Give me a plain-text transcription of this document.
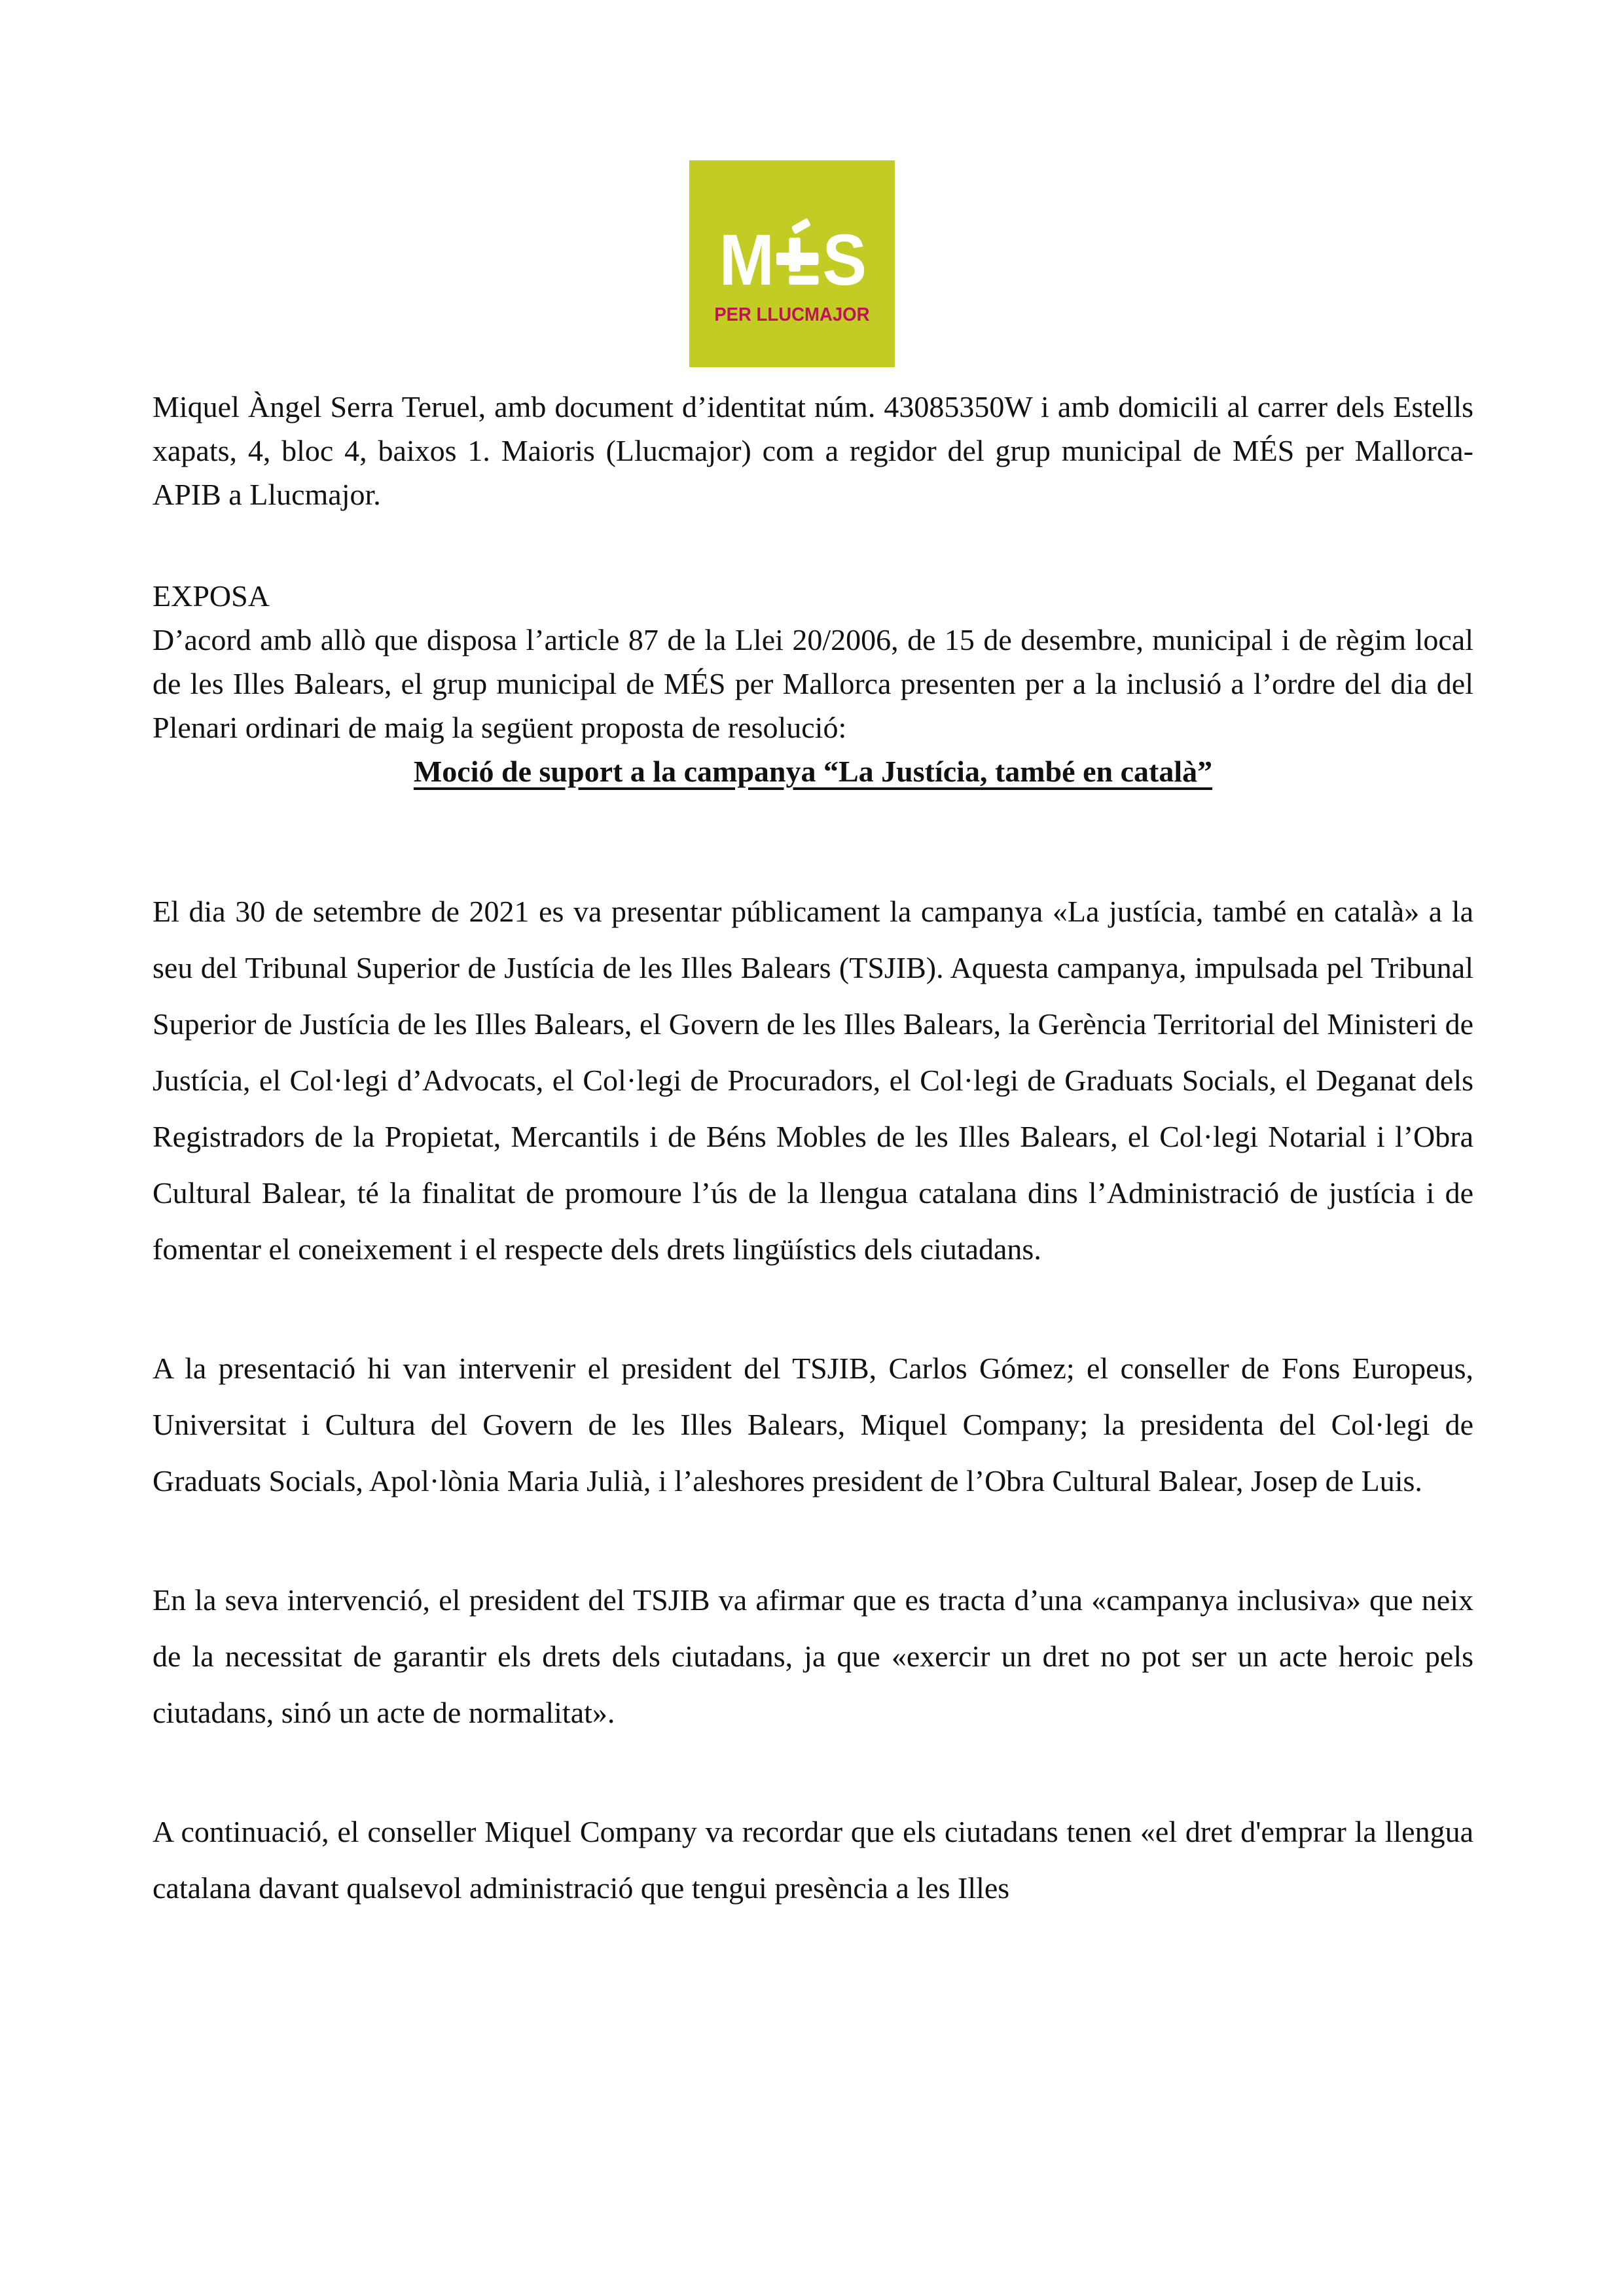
M S
PER LLUCMAJOR

Miquel Àngel Serra Teruel, amb document d’identitat núm. 43085350W i amb domicili al carrer dels Estells xapats, 4, bloc 4, baixos 1. Maioris (Llucmajor) com a regidor del grup municipal de MÉS per Mallorca-APIB a Llucmajor.

EXPOSA

D’acord amb allò que disposa l’article 87 de la Llei 20/2006, de 15 de desembre, municipal i de règim local de les Illes Balears, el grup municipal de MÉS per Mallorca presenten per a la inclusió a l’ordre del dia del Plenari ordinari de maig la següent proposta de resolució:

Moció de suport a la campanya “La Justícia, també en català”

El dia 30 de setembre de 2021 es va presentar públicament la campanya «La justícia, també en català» a la seu del Tribunal Superior de Justícia de les Illes Balears (TSJIB). Aquesta campanya, impulsada pel Tribunal Superior de Justícia de les Illes Balears, el Govern de les Illes Balears, la Gerència Territorial del Ministeri de Justícia, el Col·legi d’Advocats, el Col·legi de Procuradors, el Col·legi de Graduats Socials, el Deganat dels Registradors de la Propietat, Mercantils i de Béns Mobles de les Illes Balears, el Col·legi Notarial i l’Obra Cultural Balear, té la finalitat de promoure l’ús de la llengua catalana dins l’Administració de justícia i de fomentar el coneixement i el respecte dels drets lingüístics dels ciutadans.

A la presentació hi van intervenir el president del TSJIB, Carlos Gómez; el conseller de Fons Europeus, Universitat i Cultura del Govern de les Illes Balears, Miquel Company; la presidenta del Col·legi de Graduats Socials, Apol·lònia Maria Julià, i l’aleshores president de l’Obra Cultural Balear, Josep de Luis.

En la seva intervenció, el president del TSJIB va afirmar que es tracta d’una «campanya inclusiva» que neix de la necessitat de garantir els drets dels ciutadans, ja que «exercir un dret no pot ser un acte heroic pels ciutadans, sinó un acte de normalitat».

A continuació, el conseller Miquel Company va recordar que els ciutadans tenen «el dret d'emprar la llengua catalana davant qualsevol administració que tengui presència a les Illes
